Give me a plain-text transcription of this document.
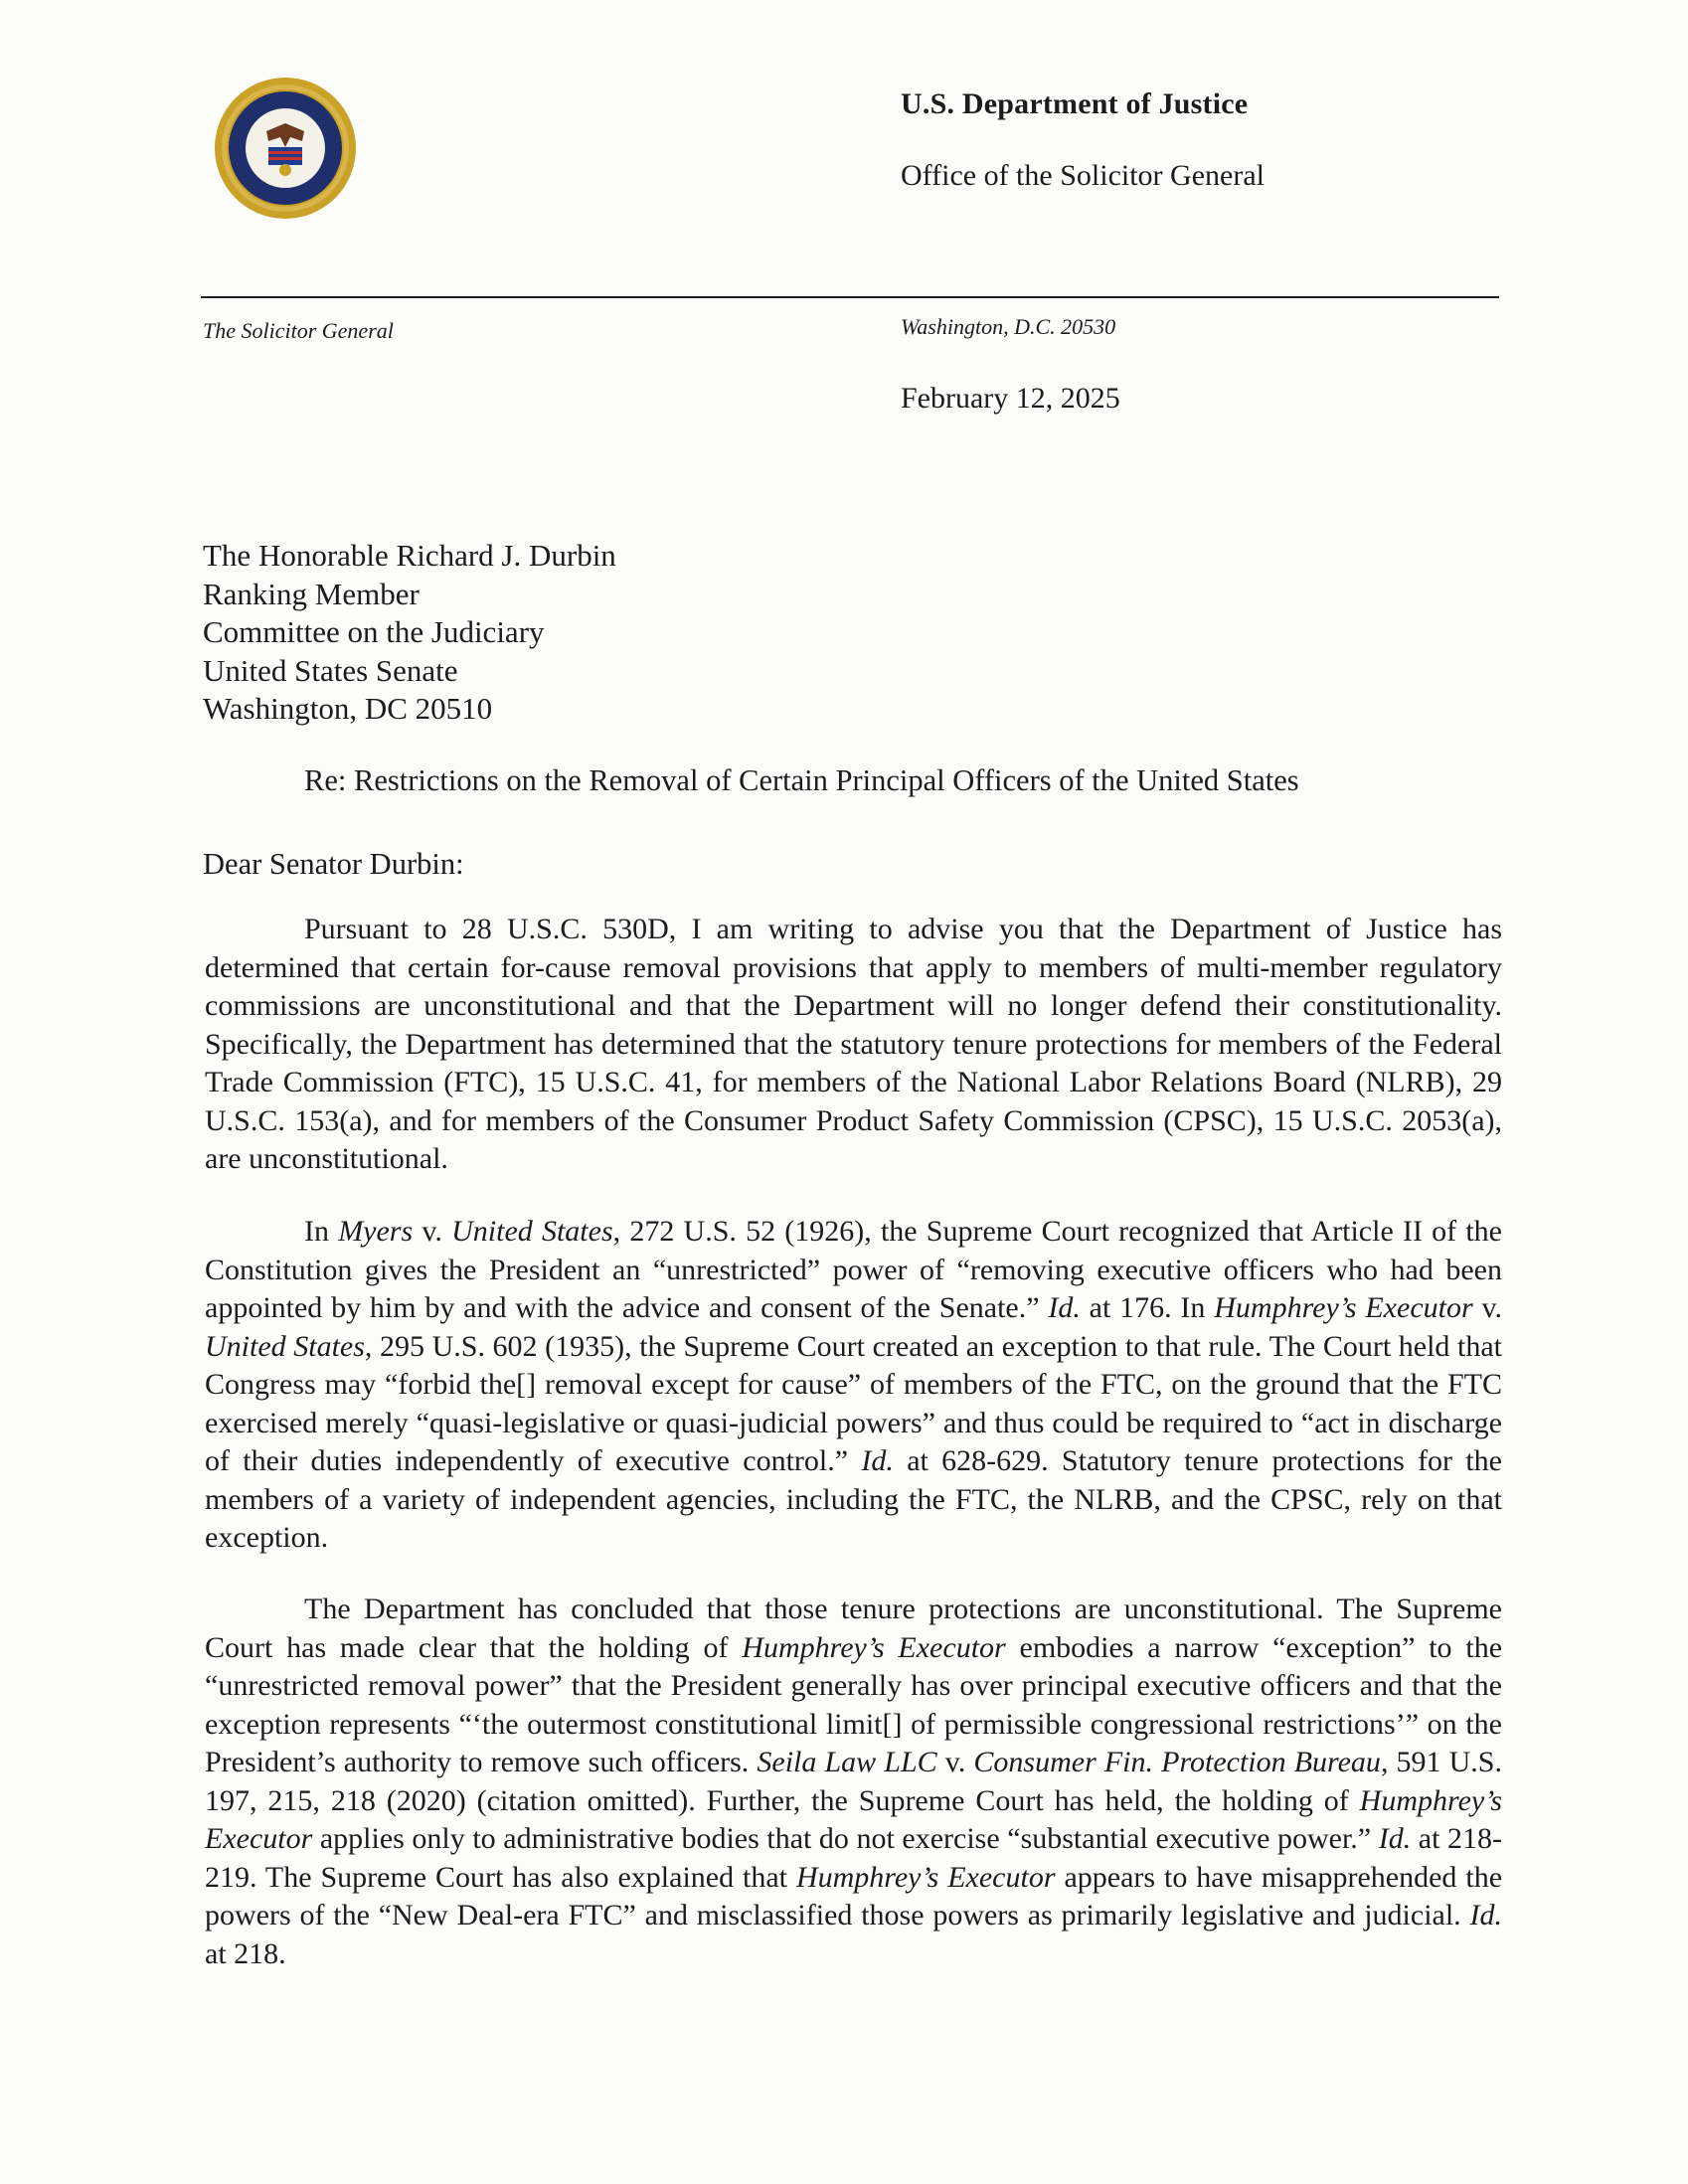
U.S. Department of Justice
Office of the Solicitor General
The Solicitor General	Washington, D.C. 20530
February 12, 2025
The Honorable Richard J. Durbin
Ranking Member
Committee on the Judiciary
United States Senate
Washington, DC 20510
Re: Restrictions on the Removal of Certain Principal Officers of the United States
Dear Senator Durbin:
Pursuant to 28 U.S.C. 530D, I am writing to advise you that the Department of Justice has determined that certain for-cause removal provisions that apply to members of multi-member regulatory commissions are unconstitutional and that the Department will no longer defend their constitutionality. Specifically, the Department has determined that the statutory tenure protections for members of the Federal Trade Commission (FTC), 15 U.S.C. 41, for members of the National Labor Relations Board (NLRB), 29 U.S.C. 153(a), and for members of the Consumer Product Safety Commission (CPSC), 15 U.S.C. 2053(a), are unconstitutional.
In Myers v. United States, 272 U.S. 52 (1926), the Supreme Court recognized that Article II of the Constitution gives the President an “unrestricted” power of “removing executive officers who had been appointed by him by and with the advice and consent of the Senate.” Id. at 176. In Humphrey’s Executor v. United States, 295 U.S. 602 (1935), the Supreme Court created an exception to that rule. The Court held that Congress may “forbid the[] removal except for cause” of members of the FTC, on the ground that the FTC exercised merely “quasi-legislative or quasi-judicial powers” and thus could be required to “act in discharge of their duties independently of executive control.” Id. at 628-629. Statutory tenure protections for the members of a variety of independent agencies, including the FTC, the NLRB, and the CPSC, rely on that exception.
The Department has concluded that those tenure protections are unconstitutional. The Supreme Court has made clear that the holding of Humphrey’s Executor embodies a narrow “exception” to the “unrestricted removal power” that the President generally has over principal executive officers and that the exception represents “‘the outermost constitutional limit[] of permissible congressional restrictions’” on the President’s authority to remove such officers. Seila Law LLC v. Consumer Fin. Protection Bureau, 591 U.S. 197, 215, 218 (2020) (citation omitted). Further, the Supreme Court has held, the holding of Humphrey’s Executor applies only to administrative bodies that do not exercise “substantial executive power.” Id. at 218-219. The Supreme Court has also explained that Humphrey’s Executor appears to have misapprehended the powers of the “New Deal-era FTC” and misclassified those powers as primarily legislative and judicial. Id. at 218.
